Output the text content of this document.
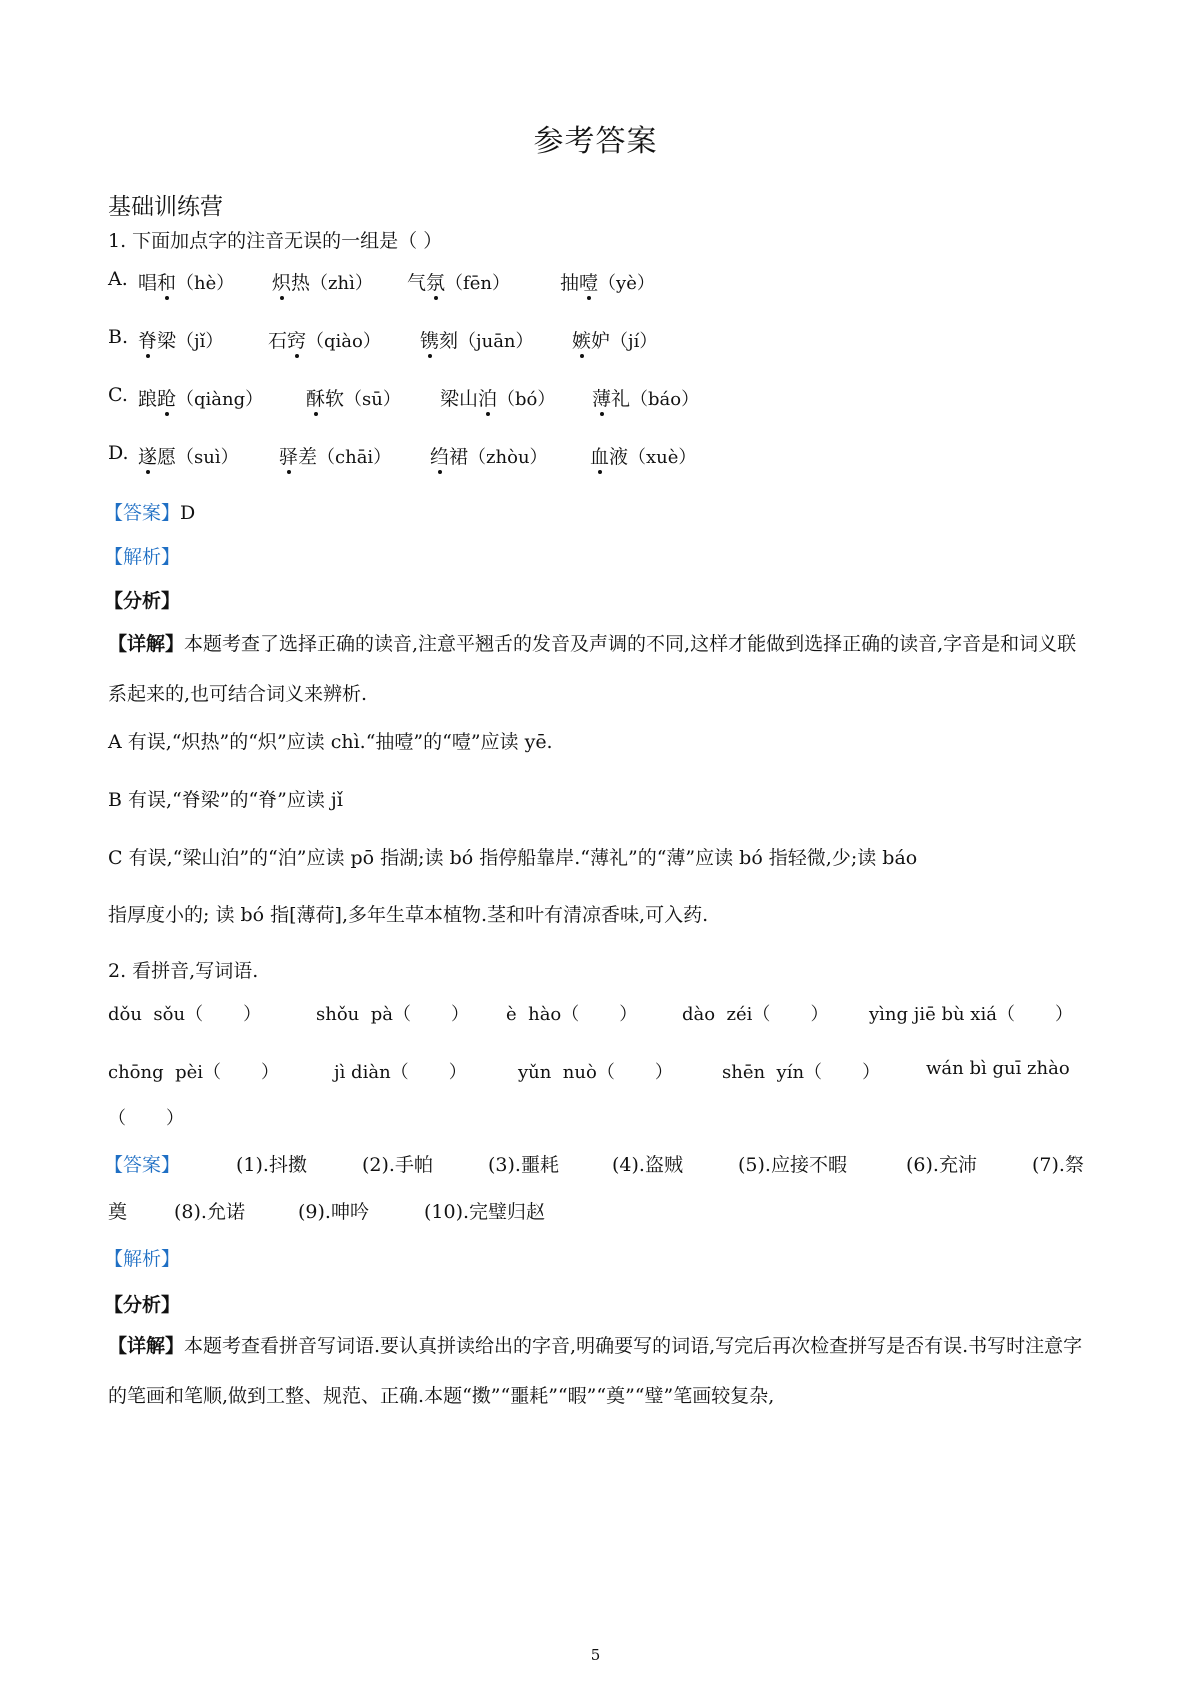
参考答案
基础训练营
1. 下面加点字的注音无误的一组是（ ）
A. 唱和（hè） 炽热（zhì） 气氛（fēn）	抽噎（yè）
B. 脊梁（jǐ） 石窍（qiào） 镌刻（juān） 嫉妒（jí）
C. 踉跄（qiàng） 酥软（sū） 梁山泊（bó） 薄礼（báo）
D. 遂愿（suì） 驿差（chāi） 绉裙（zhòu） 血液（xuè）
【答案】D
【解析】
【分析】
【详解】本题考查了选择正确的读音,注意平翘舌的发音及声调的不同,这样才能做到选择正确的读音,字音是和词义联系起来的,也可结合词义来辨析.
A 有误,“炽热”的“炽”应读 chì.“抽噎”的“噎”应读 yē.
B 有误,“脊梁”的“脊”应读 jǐ
C 有误,“梁山泊”的“泊”应读 pō 指湖;读 bó 指停船靠岸.“薄礼”的“薄”应读 bó 指轻微,少;读 báo
指厚度小的; 读 bó 指[薄荷],多年生草本植物.茎和叶有清凉香味,可入药.
2. 看拼音,写词语.
dǒu  sǒu（       ）	shǒu  pà（       ） è  hào（       ） dào  zéi（       ） yìng jiē bù xiá（       ）
chōng  pèi（       ）	jì diàn（       ）	yǔn  nuò（       ）	shēn  yín（       ）	wán bì guī zhào
（       ）
【答案】	(1).抖擞	(2).手帕	(3).噩耗	(4).盗贼	(5).应接不暇	(6).充沛	(7).祭
奠 (8).允诺	(9).呻吟	(10).完璧归赵
【解析】
【分析】
【详解】本题考查看拼音写词语.要认真拼读给出的字音,明确要写的词语,写完后再次检查拼写是否有误.书写时注意字的笔画和笔顺,做到工整、规范、正确.本题“擞”“噩耗”“暇”“奠”“璧”笔画较复杂,
5
